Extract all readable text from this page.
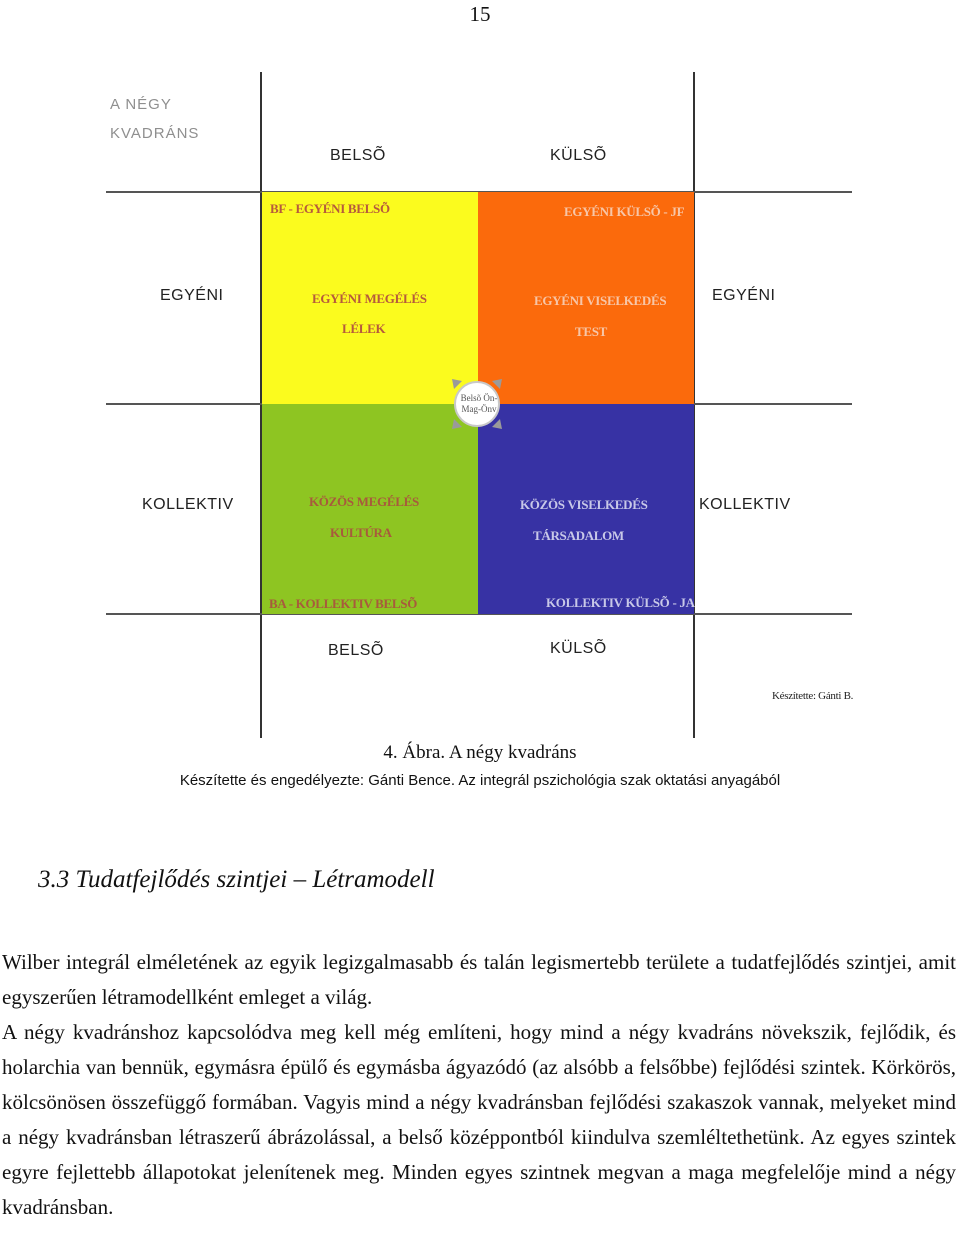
15
A NÉGY
KVADRÁNS
BELSÕ	KÜLSÕ
BELSÕ	KÜLSÕ
EGYÉNI	EGYÉNI
KOLLEKTIV	KOLLEKTIV
BF - EGYÉNI BELSÕ
EGYÉNI MEGÉLÉS
LÉLEK
EGYÉNI KÜLSÕ - JF
EGYÉNI VISELKEDÉS
TEST
KÖZÖS MEGÉLÉS
KULTÚRA
BA - KOLLEKTIV BELSÕ
KÖZÖS VISELKEDÉS
TÁRSADALOM
KOLLEKTIV KÜLSÕ - JA
Belsõ Ön-
Mag-Önv
Készítette: Gánti B.
4. Ábra. A négy kvadráns
Készítette és engedélyezte: Gánti Bence. Az integrál pszichológia szak oktatási anyagából
3.3 Tudatfejlődés szintjei – Létramodell

Wilber integrál elméletének az egyik legizgalmasabb és talán legismertebb területe a tudatfejlődés szintjei, amit egyszerűen létramodellként emleget a világ.

A négy kvadránshoz kapcsolódva meg kell még említeni, hogy mind a négy kvadráns növekszik, fejlődik, és holarchia van bennük, egymásra épülő és egymásba ágyazódó (az alsóbb a felsőbbe) fejlődési szintek. Körkörös, kölcsönösen összefüggő formában. Vagyis mind a négy kvadránsban fejlődési szakaszok vannak, melyeket mind a négy kvadránsban létraszerű ábrázolással, a belső középpontból kiindulva szemléltethetünk. Az egyes szintek egyre fejlettebb állapotokat jelenítenek meg. Minden egyes szintnek megvan a maga megfelelője mind a négy kvadránsban.
